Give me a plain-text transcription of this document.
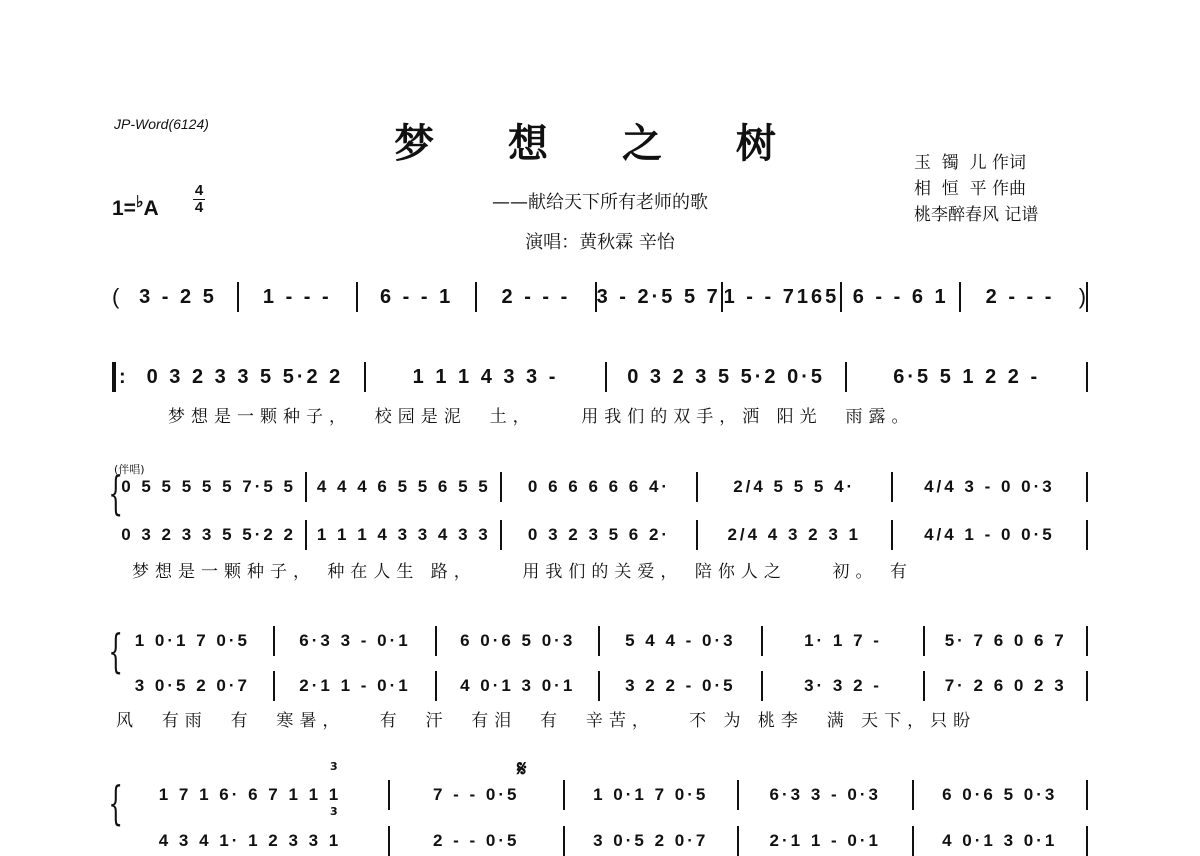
JP-Word(6124)	梦 想 之 树
——献给天下所有老师的歌
演唱：黄秋霖 辛怡
玉  镯  儿 作词
相  恒  平 作曲
桃李醉春风 记谱
1=♭A
4
4
( 3 - 2 5	1 - - -	6 - - 1	2 - - -	3 - 2·5 5 7 1 - - 7165 6 - - 6 1	2 - - -	)
:	0 3 2 3 3 5 5·2 2	1 1 1 4 3 3 -	0 3 2 3 5 5·2 0·5	6·5 5 1 2 2 -
梦想是一颗种子，  校园是泥  土，    用我们的双手，洒 阳光  雨露。
(伴唱)
{
0 5 5 5 5 5 7·5 5	4 4 4 6 5 5 6 5 5	0 6 6 6 6 6 4·	2/4 5 5 5 4·	4/4 3 - 0 0·3
0 3 2 3 3 5 5·2 2	1 1 1 4 3 3 4 3 3	0 3 2 3 5 6 2·	2/4 4 3 2 3 1	4/4 1 - 0 0·5
梦想是一颗种子， 种在人生 路，    用我们的关爱， 陪你人之    初。 有
{ 1 0·1 7 0·5	6·3 3 - 0·1	6 0·6 5 0·3	5 4 4 - 0·3	1· 1 7 -	5· 7 6 0 6 7
3 0·5 2 0·7	2·1 1 - 0·1	4 0·1 3 0·1	3 2 2 - 0·5	3· 3 2 -	7· 2 6 0 2 3
风  有雨  有  寒暑，   有  汗  有泪  有  辛苦，   不 为 桃李  满 天下，只盼
𝄋
3
3
{	1 7 1 6· 6 7 1 1 1	7 - - 0·5	1 0·1 7 0·5	6·3 3 - 0·3	6 0·6 5 0·3
4 3 4 1· 1 2 3 3 1	2 - - 0·5	3 0·5 2 0·7	2·1 1 - 0·1	4 0·1 3 0·1
